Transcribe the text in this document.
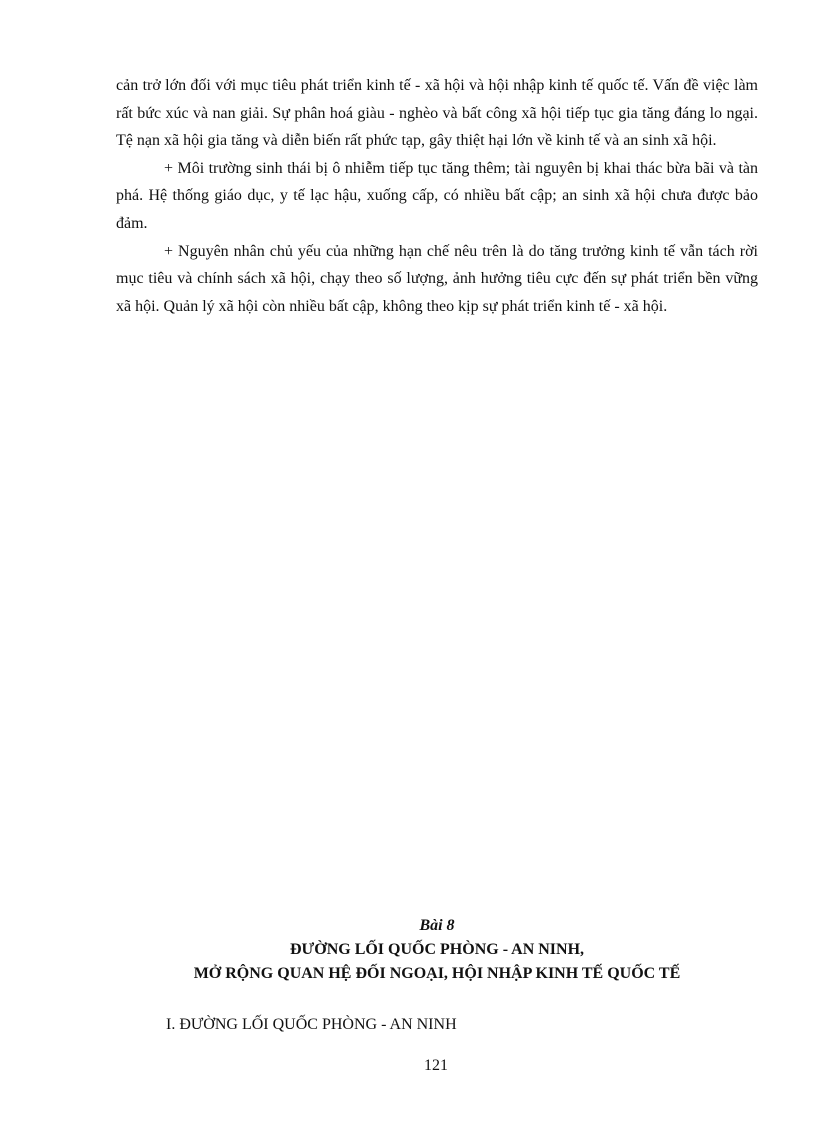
cản trở lớn đối với mục tiêu phát triển kinh tế - xã hội và hội nhập kinh tế quốc tế. Vấn đề việc làm rất bức xúc và nan giải. Sự phân hoá giàu - nghèo và bất công xã hội tiếp tục gia tăng đáng lo ngại. Tệ nạn xã hội gia tăng và diễn biến rất phức tạp, gây thiệt hại lớn về kinh tế và an sinh xã hội.

+ Môi trường sinh thái bị ô nhiễm tiếp tục tăng thêm; tài nguyên bị khai thác bừa bãi và tàn phá. Hệ thống giáo dục, y tế lạc hậu, xuống cấp, có nhiều bất cập; an sinh xã hội chưa được bảo đảm.

+ Nguyên nhân chủ yếu của những hạn chế nêu trên là do tăng trưởng kinh tế vẫn tách rời mục tiêu và chính sách xã hội, chạy theo số lượng, ảnh hưởng tiêu cực đến sự phát triển bền vững xã hội. Quản lý xã hội còn nhiều bất cập, không theo kịp sự phát triển kinh tế - xã hội.

Bài 8
ĐƯỜNG LỐI QUỐC PHÒNG - AN NINH,
MỞ RỘNG QUAN HỆ ĐỐI NGOẠI, HỘI NHẬP KINH TẾ QUỐC TẾ
I. ĐƯỜNG LỐI QUỐC PHÒNG - AN NINH
121
